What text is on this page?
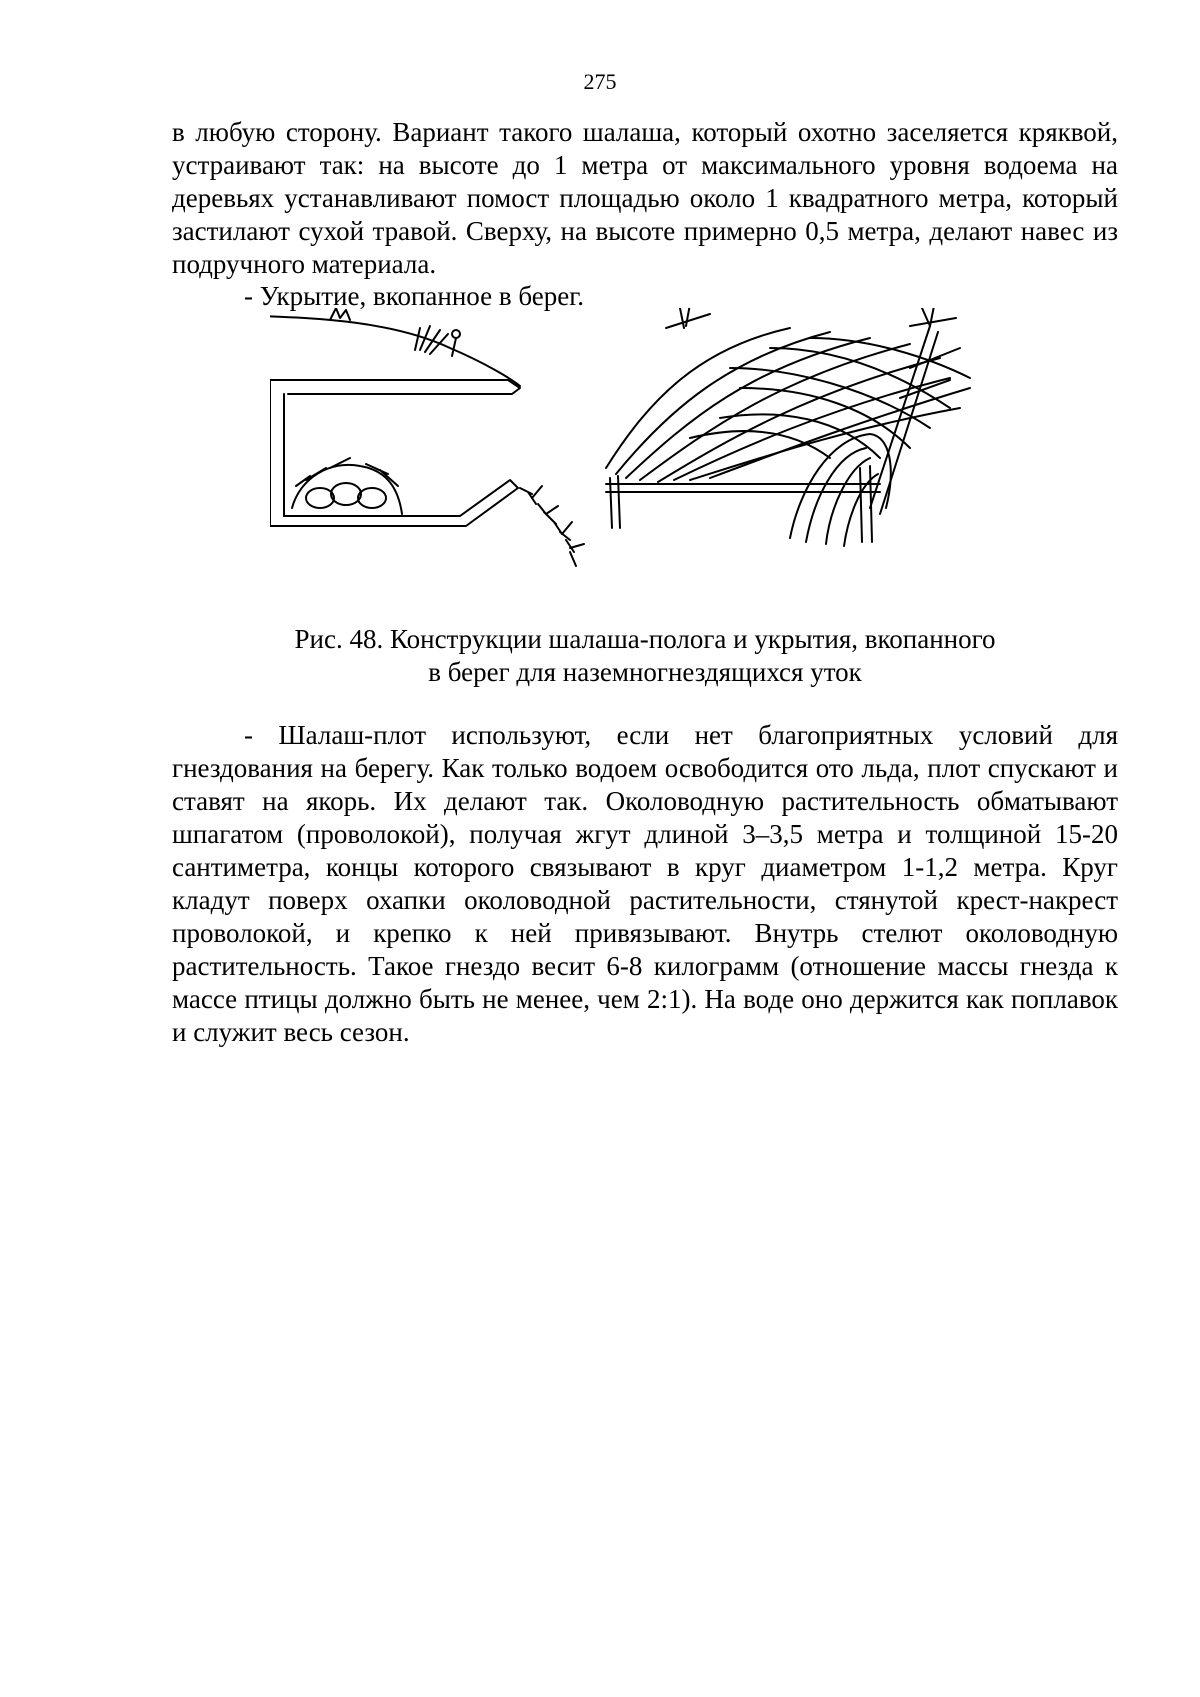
275

в любую сторону. Вариант такого шалаша, который охотно заселяется кряквой, устраивают так: на высоте до 1 метра от максимального уровня водоема на деревьях устанавливают помост площадью около 1 квадратного метра, который застилают сухой травой. Сверху, на высоте примерно 0,5 метра, делают навес из подручного материала.

- Укрытие, вкопанное в берег.

Рис. 48. Конструкции шалаша-полога и укрытия, вкопанного
в берег для наземногнездящихся уток

- Шалаш-плот используют, если нет благоприятных условий для гнездования на берегу. Как только водоем освободится ото льда, плот спускают и ставят на якорь. Их делают так. Околоводную растительность обматывают шпагатом (проволокой), получая жгут длиной 3–3,5 метра и толщиной 15-20 сантиметра, концы которого связывают в круг диаметром 1-1,2 метра. Круг кладут поверх охапки околоводной растительности, стянутой крест-накрест проволокой, и крепко к ней привязывают. Внутрь стелют околоводную растительность. Такое гнездо весит 6-8 килограмм (отношение массы гнезда к массе птицы должно быть не менее, чем 2:1). На воде оно держится как поплавок и служит весь сезон.
